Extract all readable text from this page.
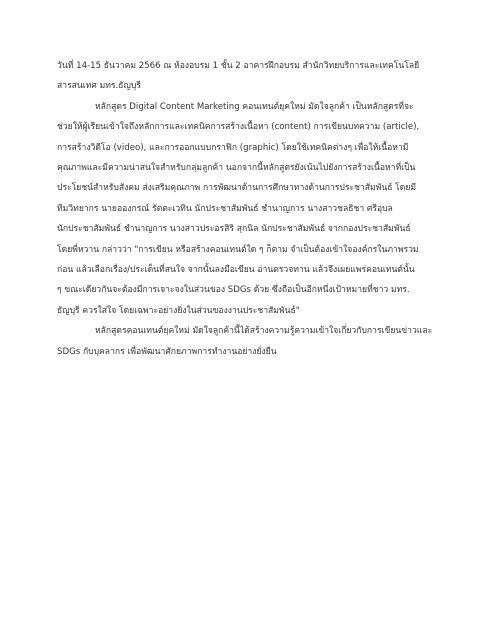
วันที่ 14-15 ธันวาคม 2566 ณ ห้องอบรม 1 ชั้น 2 อาคารฝึกอบรม สำนักวิทยบริการและเทคโนโลยี
สารสนเทศ มทร.ธัญบุรี

หลักสูตร Digital Content Marketing คอนเทนต์ยุคใหม่ มัดใจลูกค้า เป็นหลักสูตรที่จะ
ช่วยให้ผู้เรียนเข้าใจถึงหลักการและเทคนิคการสร้างเนื้อหา (content) การเขียนบทความ (article),
การสร้างวิดีโอ (video), และการออกแบบกราฟิก (graphic) โดยใช้เทคนิคต่างๆ เพื่อให้เนื้อหามี
คุณภาพและมีความน่าสนใจสำหรับกลุ่มลูกค้า นอกจากนี้หลักสูตรยังเน้นไปยังการสร้างเนื้อหาที่เป็น
ประโยชน์สำหรับสังคม ส่งเสริมคุณภาพ การพัฒนาด้านการศึกษาทางด้านการประชาสัมพันธ์ โดยมี
ทีมวิทยากร นายอองกรณ์ รัตตะเวทิน นักประชาสัมพันธ์ ชำนาญการ นางสาวชลธิชา ศรีอุบล
นักประชาสัมพันธ์ ชำนาญการ นางสาวประอรสิริ สุกนิล นักประชาสัมพันธ์ จากกองประชาสัมพันธ์
โดยพี่หวาน กล่าวว่า "การเขียน หรือสร้างคอนเทนต์ใด ๆ ก็ตาม จำเป็นต้องเข้าใจองค์กรในภาพรวม
ก่อน แล้วเลือกเรื่อง/ประเด็นที่สนใจ จากนั้นลงมือเขียน อ่านตรวจทาน แล้วจึงเผยแพร่คอนเทนต์นั้น
ๆ ขณะเดียวกันจะต้องมีการเจาะจงในส่วนของ SDGs ด้วย ซึ่งถือเป็นอีกหนึ่งเป้าหมายที่ชาว มทร.
ธัญบุรี ควรใส่ใจ โดยเฉพาะอย่างยิ่งในส่วนของงานประชาสัมพันธ์"

หลักสูตรคอนเทนต์ยุคใหม่ มัดใจลูกค้านี้ได้สร้างความรู้ความเข้าใจเกี่ยวกับการเขียนข่าวและ
SDGs กับบุคลากร เพื่อพัฒนาศักยภาพการทำงานอย่างยั่งยืน
